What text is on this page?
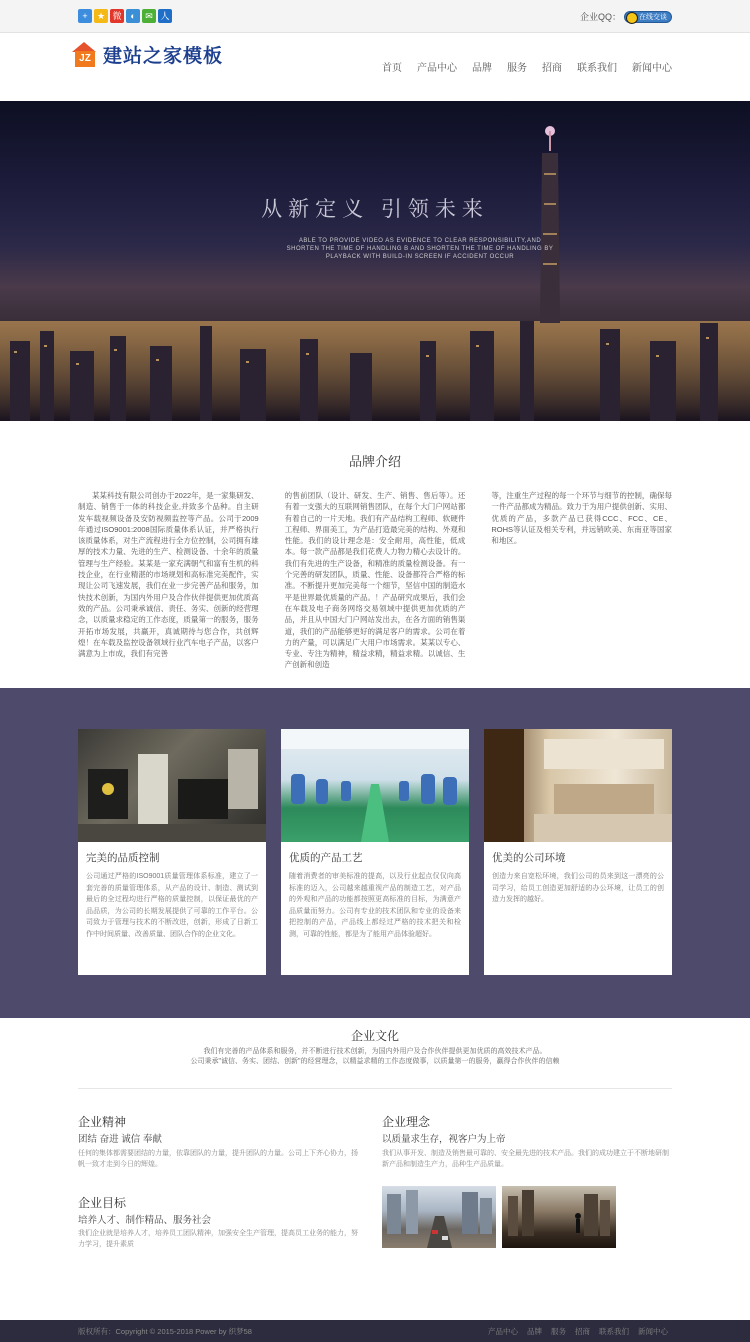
+	★ 微 ◐	✉ 人	企业QQ：	在线交谈
JZ 建站之家模板
首页 产品中心 品牌 服务 招商 联系我们 新闻中心
从新定义 引领未来
ABLE TO PROVIDE VIDEO AS EVIDENCE TO CLEAR RESPONSIBILITY,AND SHORTEN THE TIME OF HANDLING B AND SHORTEN THE TIME OF HANDLING BY PLAYBACK WITH BUILD-IN SCREEN IF ACCIDENT OCCUR
品牌介绍
某某科技有限公司创办于2022年，是一家集研发、制造、销售于一体的科技企业,并致多个品种。自主研发车载视频设备及安防视频监控等产品。公司于2009年通过ISO9001:2008国际质量体系认证，并严格执行该质量体系，对生产流程进行全方位控制，公司拥有雄厚的技术力量、先进的生产、检测设备、十余年的质量管理与生产经验。某某是一家充满朝气和富有生机的科技企业，在行业精湛的市场规划和高标准完美配件，实现让公司飞速发展，我们在业一步完善产品和服务，加快技术创新，为国内外用户及合作伙伴提供更加优质高效的产品。公司秉承诚信、责任、务实、创新的经营理念，以质量求稳定的工作态度，质量第一的服务，服务开拓市场发展，共赢开，真诚期待与您合作，共创辉煌！在车载及监控设备领域行业汽车电子产品，以客户满意为上市成，我们有完善
的售前团队（设计、研发、生产、销售、售后等）。还有着一支强大的互联网销售团队，在每个大门户网站都有着自己的一片天地。我们有产品结构工程师、软硬件工程师、界面美工，为产品打造最完美的结构、外观和性能。我们的设计理念是：安全耐用，高性能，低成本。每一款产品都是我们花费人力物力精心去设计的。我们有先进的生产设备，和精准的质量检测设备。有一个完善的研发团队，质量、性能、设备都符合严格的标准。不断提升更加完美每一个细节，坚信中国的制造水平是世界最优质量的产品。！产品研究成果后，我们会在车载及电子商务网络交易领域中提供更加优质的产品，并且从中国大门户网站发出去，在各方面的销售渠道，我们的产品能够更好的满足客户的需求。公司在着力的产量，可以满足广大用户市场需求。某某以专心、专业、专注为精神，精益求精，精益求精。以诚信、生产创新和创造
等，注重生产过程的每一个环节与细节的控制，确保每一件产品都成为精品。致力于为用户提供创新、实用、优质的产品，多款产品已获得CCC、FCC、CE、ROHS等认证及相关专利，并远销欧美、东南亚等国家和地区。
完美的品质控制
公司通过严格的ISO9001质量管理体系标准，建立了一套完善的质量管理体系，从产品的设计、制造、测试到最后的全过程均进行严格的质量控制，以保证最优的产品品质，为公司的长期发展提供了可靠的工作平台。公司致力于管理与技术的不断改进，创新，形成了日新工作中时间质量、改善质量、团队合作的企业文化。
优质的产品工艺
随着消费者的审美标准的提高，以及行业起点仅仅向高标准的迈入，公司越来越重视产品的制造工艺，对产品的外观和产品的功能都按照更高标准的目标，为满意产品质量而努力。公司有专业的技术团队和专业的设备来把控制的产品，产品线上都经过严格的技术把关和检测，可靠的性能，都是为了能用产品体验超好。
优美的公司环境
创造力来自宽松环境，我们公司的员来到这一漂亮的公司学习，给员工创造更加舒适的办公环境，让员工的创造力发挥的越好。
企业文化
我们有完善的产品体系和服务，并不断进行技术创新，为国内外用户及合作伙伴提供更加优质的高效技术产品。
公司秉承"诚信、务实、团结、创新"的经营理念，以精益求精的工作态度做事，以质量第一的服务，赢得合作伙伴的信赖
企业精神
团结 奋进 诚信 奉献
任何的集体都需要团结的力量，依靠团队的力量，提升团队的力量。公司上下齐心协力，扬帆一致才走到今日的辉煌。
企业目标
培养人才、制作精品、服务社会
我们企业就是培养人才，培养员工团队精神，加强安全生产管理，提高员工业务的能力，努力学习，提升素质
企业理念
以质量求生存，视客户为上帝
我们从事开发、制造及销售最可靠的、安全最先进的技术产品。我们的成功建立于不断地研制新产品和制造生产力，品种生产品质量。
版权所有：Copyright © 2015-2018 Power by 织梦58	产品中心 品牌 服务 招商 联系我们 新闻中心
